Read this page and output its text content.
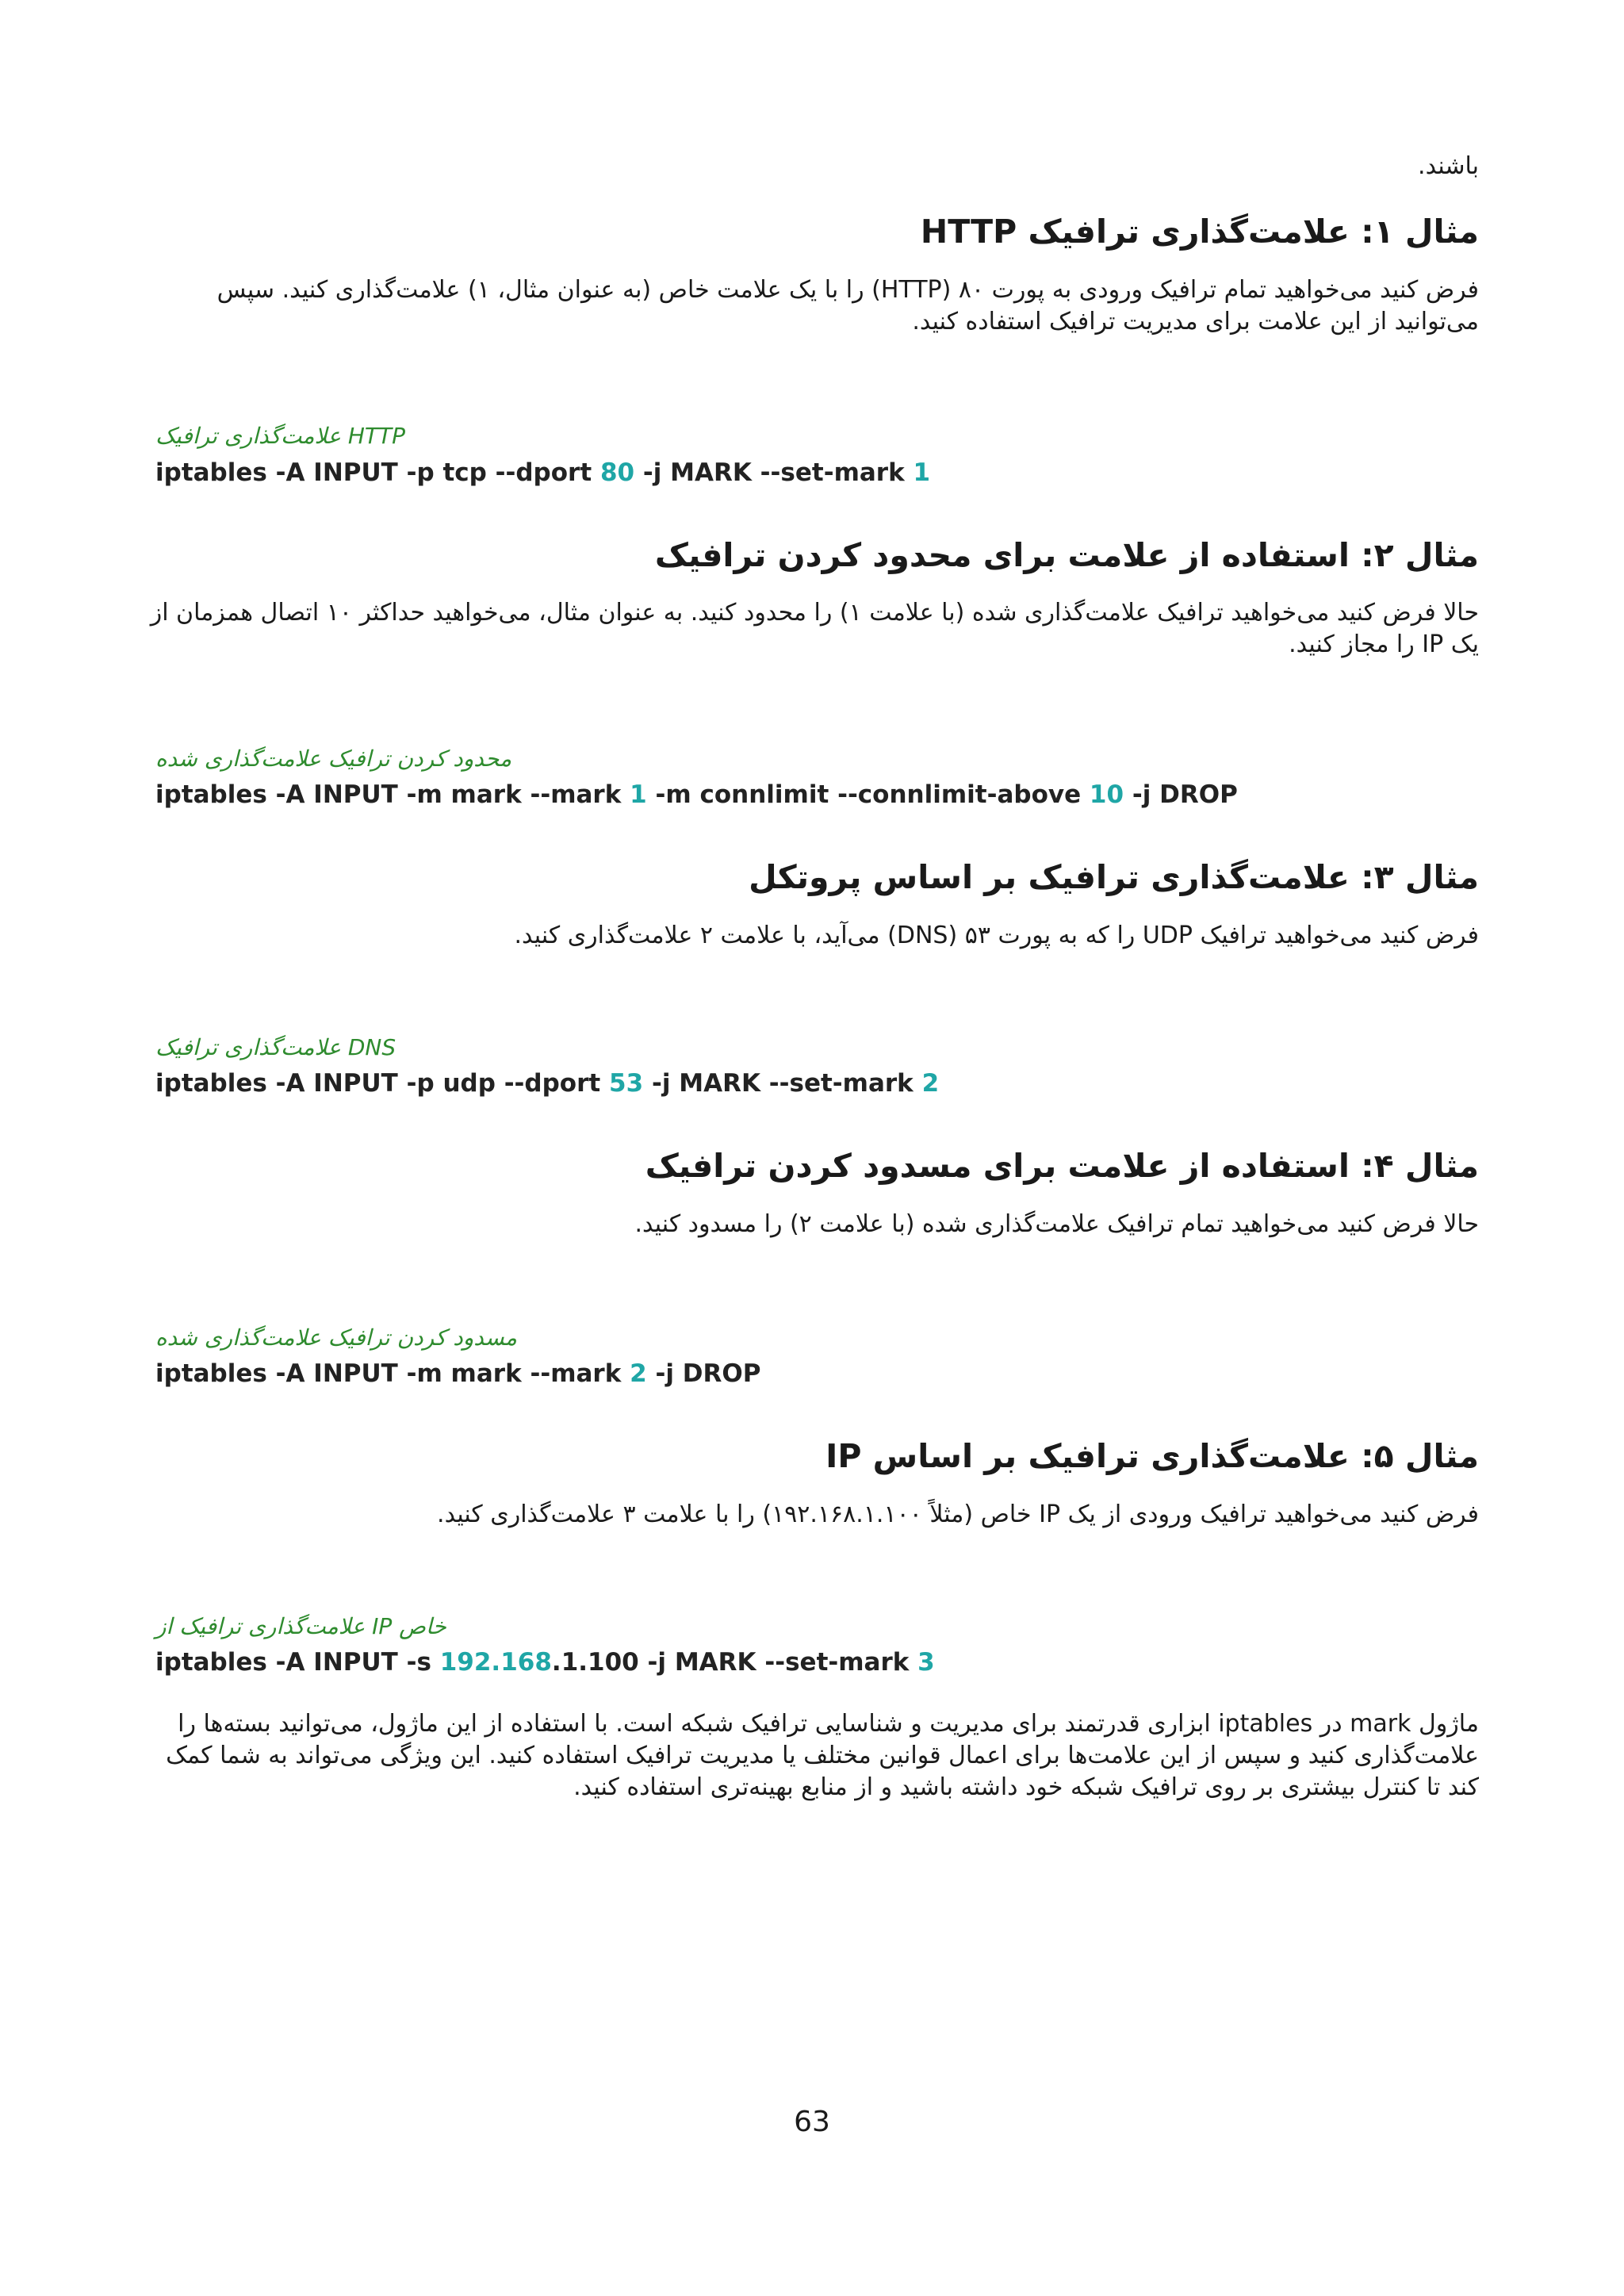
باشند.
مثال ۱: علامت‌گذاری ترافیک HTTP

فرض کنید می‌خواهید تمام ترافیک ورودی به پورت ۸۰ (HTTP) را با یک علامت خاص (به عنوان مثال، ۱) علامت‌گذاری کنید. سپس می‌توانید از این علامت برای مدیریت ترافیک استفاده کنید.

علامت‌گذاری ترافیک HTTP
iptables -A INPUT -p tcp --dport 80 -j MARK --set-mark 1
مثال ۲: استفاده از علامت برای محدود کردن ترافیک

حالا فرض کنید می‌خواهید ترافیک علامت‌گذاری شده (با علامت ۱) را محدود کنید. به عنوان مثال، می‌خواهید حداکثر ۱۰ اتصال همزمان از یک IP را مجاز کنید.

محدود کردن ترافیک علامت‌گذاری شده
iptables -A INPUT -m mark --mark 1 -m connlimit --connlimit-above 10 -j DROP
مثال ۳: علامت‌گذاری ترافیک بر اساس پروتکل

فرض کنید می‌خواهید ترافیک UDP را که به پورت ۵۳ (DNS) می‌آید، با علامت ۲ علامت‌گذاری کنید.

علامت‌گذاری ترافیک DNS
iptables -A INPUT -p udp --dport 53 -j MARK --set-mark 2
مثال ۴: استفاده از علامت برای مسدود کردن ترافیک

حالا فرض کنید می‌خواهید تمام ترافیک علامت‌گذاری شده (با علامت ۲) را مسدود کنید.

مسدود کردن ترافیک علامت‌گذاری شده
iptables -A INPUT -m mark --mark 2 -j DROP
مثال ۵: علامت‌گذاری ترافیک بر اساس IP

فرض کنید می‌خواهید ترافیک ورودی از یک IP خاص (مثلاً ۱۹۲.۱۶۸.۱.۱۰۰) را با علامت ۳ علامت‌گذاری کنید.

علامت‌گذاری ترافیک از IP خاص
iptables -A INPUT -s 192.168.1.100 -j MARK --set-mark 3

ماژول mark در iptables ابزاری قدرتمند برای مدیریت و شناسایی ترافیک شبکه است. با استفاده از این ماژول، می‌توانید بسته‌ها را علامت‌گذاری کنید و سپس از این علامت‌ها برای اعمال قوانین مختلف یا مدیریت ترافیک استفاده کنید. این ویژگی می‌تواند به شما کمک کند تا کنترل بیشتری بر روی ترافیک شبکه خود داشته باشید و از منابع بهینه‌تری استفاده کنید.

63
